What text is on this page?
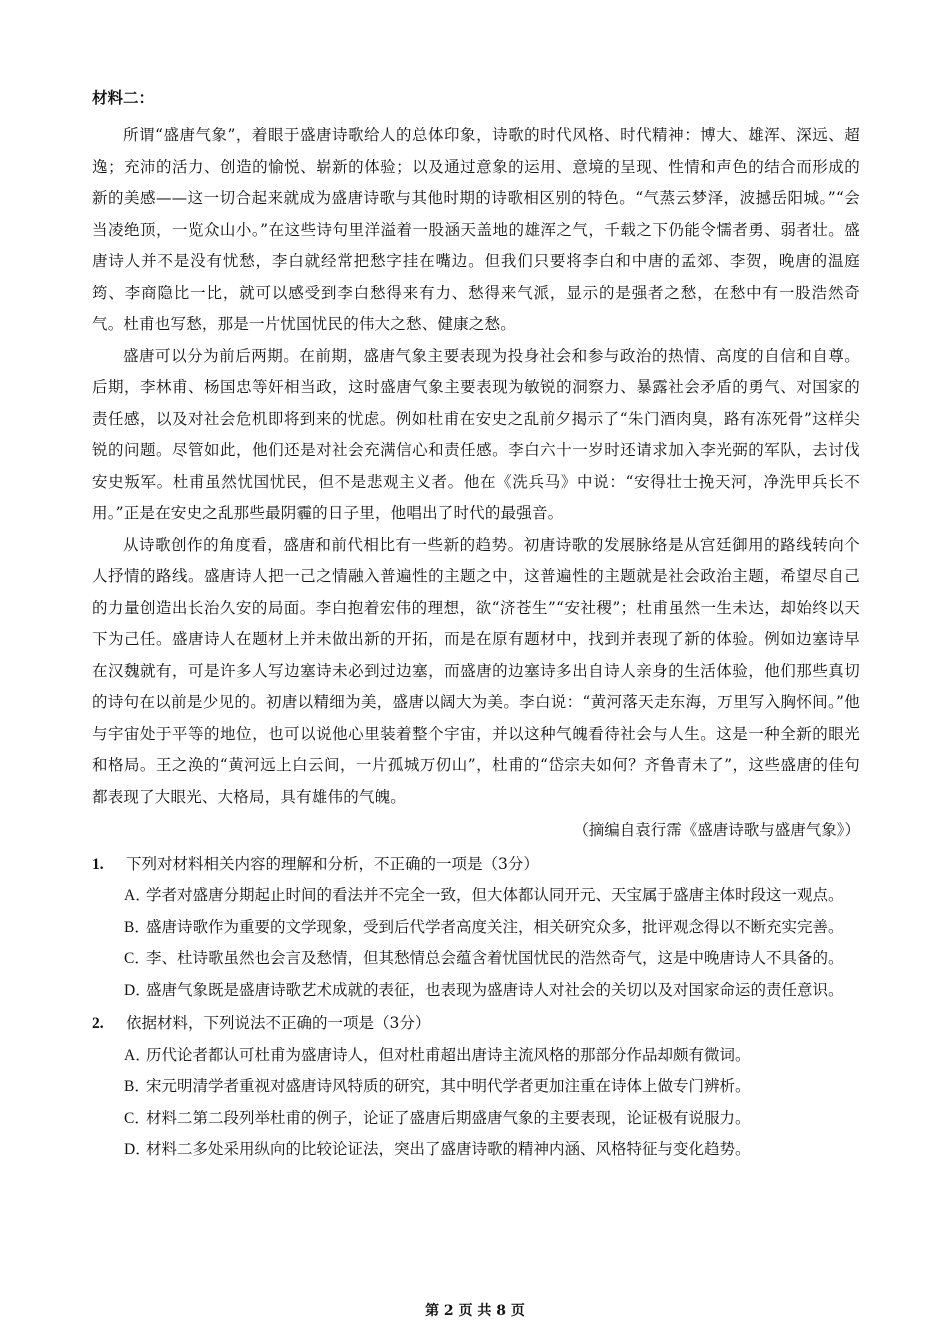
材料二：

所谓“盛唐气象”，着眼于盛唐诗歌给人的总体印象，诗歌的时代风格、时代精神：博大、雄浑、深远、超逸；充沛的活力、创造的愉悦、崭新的体验；以及通过意象的运用、意境的呈现、性情和声色的结合而形成的新的美感——这一切合起来就成为盛唐诗歌与其他时期的诗歌相区别的特色。“气蒸云梦泽，波撼岳阳城。”“会当凌绝顶，一览众山小。”在这些诗句里洋溢着一股涵天盖地的雄浑之气，千载之下仍能令懦者勇、弱者壮。盛唐诗人并不是没有忧愁，李白就经常把愁字挂在嘴边。但我们只要将李白和中唐的孟郊、李贺，晚唐的温庭筠、李商隐比一比，就可以感受到李白愁得来有力、愁得来气派，显示的是强者之愁，在愁中有一股浩然奇气。杜甫也写愁，那是一片忧国忧民的伟大之愁、健康之愁。

盛唐可以分为前后两期。在前期，盛唐气象主要表现为投身社会和参与政治的热情、高度的自信和自尊。后期，李林甫、杨国忠等奸相当政，这时盛唐气象主要表现为敏锐的洞察力、暴露社会矛盾的勇气、对国家的责任感，以及对社会危机即将到来的忧虑。例如杜甫在安史之乱前夕揭示了“朱门酒肉臭，路有冻死骨”这样尖锐的问题。尽管如此，他们还是对社会充满信心和责任感。李白六十一岁时还请求加入李光弼的军队，去讨伐安史叛军。杜甫虽然忧国忧民，但不是悲观主义者。他在《洗兵马》中说：“安得壮士挽天河，净洗甲兵长不用。”正是在安史之乱那些最阴霾的日子里，他唱出了时代的最强音。

从诗歌创作的角度看，盛唐和前代相比有一些新的趋势。初唐诗歌的发展脉络是从宫廷御用的路线转向个人抒情的路线。盛唐诗人把一己之情融入普遍性的主题之中，这普遍性的主题就是社会政治主题，希望尽自己的力量创造出长治久安的局面。李白抱着宏伟的理想，欲“济苍生”“安社稷”；杜甫虽然一生未达，却始终以天下为己任。盛唐诗人在题材上并未做出新的开拓，而是在原有题材中，找到并表现了新的体验。例如边塞诗早在汉魏就有，可是许多人写边塞诗未必到过边塞，而盛唐的边塞诗多出自诗人亲身的生活体验，他们那些真切的诗句在以前是少见的。初唐以精细为美，盛唐以阔大为美。李白说：“黄河落天走东海，万里写入胸怀间。”他与宇宙处于平等的地位，也可以说他心里装着整个宇宙，并以这种气魄看待社会与人生。这是一种全新的眼光和格局。王之涣的“黄河远上白云间，一片孤城万仞山”，杜甫的“岱宗夫如何？齐鲁青未了”，这些盛唐的佳句都表现了大眼光、大格局，具有雄伟的气魄。

（摘编自袁行霈《盛唐诗歌与盛唐气象》）
1.	下列对材料相关内容的理解和分析，不正确的一项是（3分）
A．
学者对盛唐分期起止时间的看法并不完全一致，但大体都认同开元、天宝属于盛唐主体时段这一观点。
B．
盛唐诗歌作为重要的文学现象，受到后代学者高度关注，相关研究众多，批评观念得以不断充实完善。
C．
李、杜诗歌虽然也会言及愁情，但其愁情总会蕴含着忧国忧民的浩然奇气，这是中晚唐诗人不具备的。
D．
盛唐气象既是盛唐诗歌艺术成就的表征，也表现为盛唐诗人对社会的关切以及对国家命运的责任意识。
2.	依据材料，下列说法不正确的一项是（3分）
A．
历代论者都认可杜甫为盛唐诗人，但对杜甫超出唐诗主流风格的那部分作品却颇有微词。
B．
宋元明清学者重视对盛唐诗风特质的研究，其中明代学者更加注重在诗体上做专门辨析。
C．
材料二第二段列举杜甫的例子，论证了盛唐后期盛唐气象的主要表现，论证极有说服力。
D．
材料二多处采用纵向的比较论证法，突出了盛唐诗歌的精神内涵、风格特征与变化趋势。
第 2 页 共 8 页
